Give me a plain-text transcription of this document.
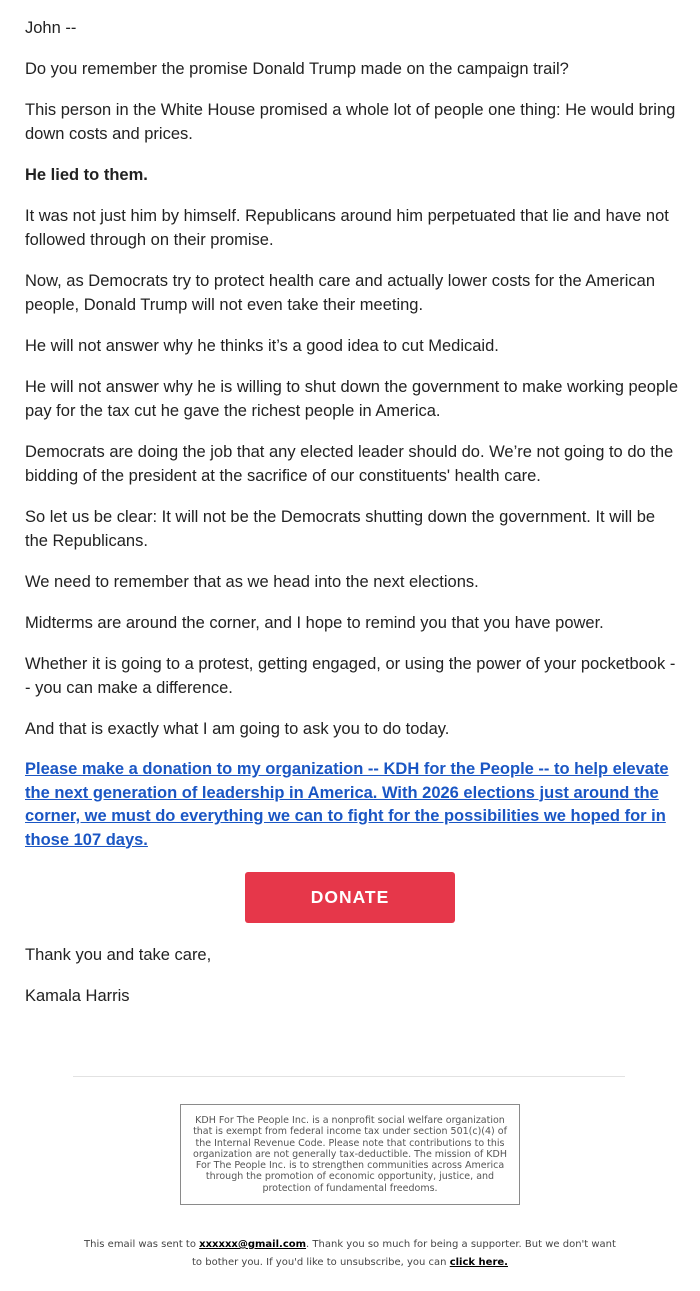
John --

Do you remember the promise Donald Trump made on the campaign trail?

This person in the White House promised a whole lot of people one thing: He would bring down costs and prices.

He lied to them.

It was not just him by himself. Republicans around him perpetuated that lie and have not followed through on their promise.

Now, as Democrats try to protect health care and actually lower costs for the American people, Donald Trump will not even take their meeting.

He will not answer why he thinks it’s a good idea to cut Medicaid.

He will not answer why he is willing to shut down the government to make working people pay for the tax cut he gave the richest people in America.

Democrats are doing the job that any elected leader should do. We’re not going to do the bidding of the president at the sacrifice of our constituents' health care.

So let us be clear: It will not be the Democrats shutting down the government. It will be the Republicans.

We need to remember that as we head into the next elections.

Midterms are around the corner, and I hope to remind you that you have power.

Whether it is going to a protest, getting engaged, or using the power of your pocketbook -- you can make a difference.

And that is exactly what I am going to ask you to do today.

Please make a donation to my organization -- KDH for the People -- to help elevate the next generation of leadership in America. With 2026 elections just around the corner, we must do everything we can to fight for the possibilities we hoped for in those 107 days.
DONATE

Thank you and take care,

Kamala Harris

KDH For The People Inc. is a nonprofit social welfare organization that is exempt from federal income tax under section 501(c)(4) of the Internal Revenue Code. Please note that contributions to this organization are not generally tax-deductible. The mission of KDH For The People Inc. is to strengthen communities across America through the promotion of economic opportunity, justice, and protection of fundamental freedoms.
This email was sent to xxxxxx@gmail.com. Thank you so much for being a supporter. But we don't want to bother you. If you'd like to unsubscribe, you can click here.
